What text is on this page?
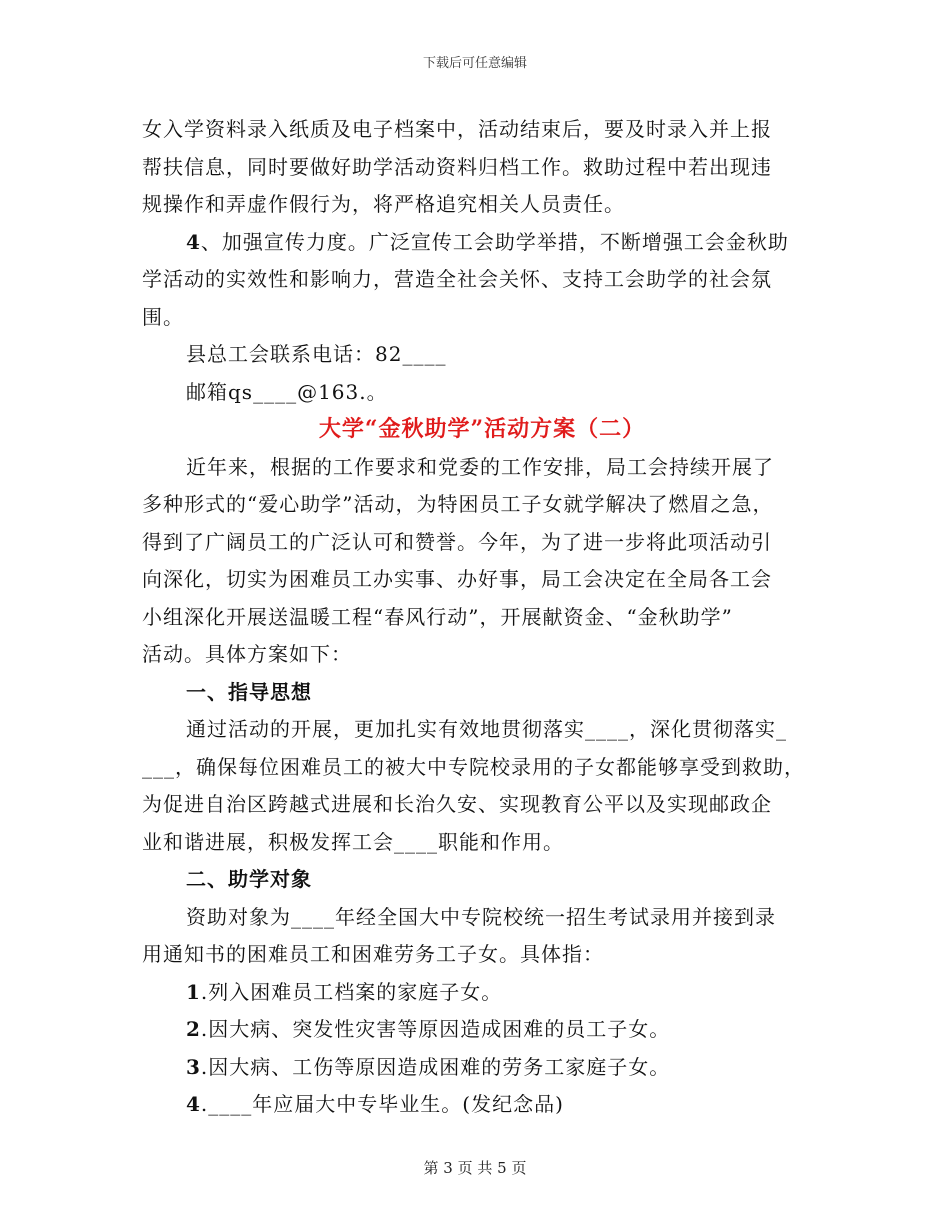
下载后可任意编辑
女入学资料录入纸质及电子档案中，活动结束后，要及时录入并上报
帮扶信息，同时要做好助学活动资料归档工作。救助过程中若出现违
规操作和弄虚作假行为，将严格追究相关人员责任。
4、加强宣传力度。广泛宣传工会助学举措，不断增强工会金秋助
学活动的实效性和影响力，营造全社会关怀、支持工会助学的社会氛
围。
县总工会联系电话：82____
邮箱qs____@163.。
大学“金秋助学”活动方案（二）
近年来，根据的工作要求和党委的工作安排，局工会持续开展了
多种形式的“爱心助学”活动，为特困员工子女就学解决了燃眉之急，
得到了广阔员工的广泛认可和赞誉。今年，为了进一步将此项活动引
向深化，切实为困难员工办实事、办好事，局工会决定在全局各工会
小组深化开展送温暖工程“春风行动”，开展献资金、“金秋助学”
活动。具体方案如下：
一、指导思想
通过活动的开展，更加扎实有效地贯彻落实____，深化贯彻落实_
___，确保每位困难员工的被大中专院校录用的子女都能够享受到救助，
为促进自治区跨越式进展和长治久安、实现教育公平以及实现邮政企
业和谐进展，积极发挥工会____职能和作用。
二、助学对象
资助对象为____年经全国大中专院校统一招生考试录用并接到录
用通知书的困难员工和困难劳务工子女。具体指：
1.列入困难员工档案的家庭子女。
2.因大病、突发性灾害等原因造成困难的员工子女。
3.因大病、工伤等原因造成困难的劳务工家庭子女。
4.____年应届大中专毕业生。(发纪念品)
第 3 页 共 5 页
